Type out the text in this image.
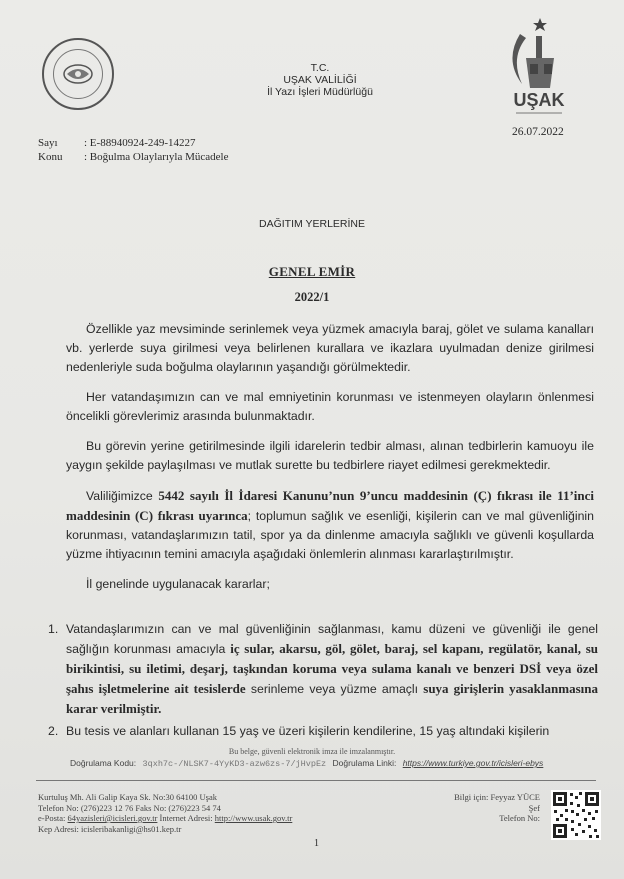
UŞAK
T.C.
UŞAK VALİLİĞİ
İl Yazı İşleri Müdürlüğü
26.07.2022
Sayı	: E-88940924-249-14227
Konu	: Boğulma Olaylarıyla Mücadele
DAĞITIM YERLERİNE
GENEL EMİR
2022/1

Özellikle yaz mevsiminde serinlemek veya yüzmek amacıyla baraj, gölet ve sulama kanalları vb. yerlerde suya girilmesi veya belirlenen kurallara ve ikazlara uyulmadan denize girilmesi nedenleriyle suda boğulma olaylarının yaşandığı görülmektedir.

Her vatandaşımızın can ve mal emniyetinin korunması ve istenmeyen olayların önlenmesi öncelikli görevlerimiz arasında bulunmaktadır.

Bu görevin yerine getirilmesinde ilgili idarelerin tedbir alması, alınan tedbirlerin kamuoyu ile yaygın şekilde paylaşılması ve mutlak surette bu tedbirlere riayet edilmesi gerekmektedir.

Valiliğimizce 5442 sayılı İl İdaresi Kanunu’nun 9’uncu maddesinin (Ç) fıkrası ile 11’inci maddesinin (C) fıkrası uyarınca; toplumun sağlık ve esenliği, kişilerin can ve mal güvenliğinin korunması, vatandaşlarımızın tatil, spor ya da dinlenme amacıyla sağlıklı ve güvenli koşullarda yüzme ihtiyacının temini amacıyla aşağıdaki önlemlerin alınması kararlaştırılmıştır.

İl genelinde uygulanacak kararlar;

1. Vatandaşlarımızın can ve mal güvenliğinin sağlanması, kamu düzeni ve güvenliği ile genel sağlığın korunması amacıyla iç sular, akarsu, göl, gölet, baraj, sel kapanı, regülatör, kanal, su birikintisi, su iletimi, deşarj, taşkından koruma veya sulama kanalı ve benzeri DSİ veya özel şahıs işletmelerine ait tesislerde serinleme veya yüzme amaçlı suya girişlerin yasaklanmasına karar verilmiştir.
2. Bu tesis ve alanları kullanan 15 yaş ve üzeri kişilerin kendilerine, 15 yaş altındaki kişilerin
Bu belge, güvenli elektronik imza ile imzalanmıştır.
Doğrulama Kodu: 3qxh7c-/NLSK7-4YyKD3-azw6zs-7/jHvpEz Doğrulama Linki: https://www.turkiye.gov.tr/icisleri-ebys
Kurtuluş Mh. Ali Galip Kaya Sk. No:30 64100 Uşak
Telefon No: (276)223 12 76 Faks No: (276)223 54 74
e-Posta: 64yazisleri@icisleri.gov.tr İnternet Adresi: http://www.usak.gov.tr
Kep Adresi: icisleribakanligi@hs01.kep.tr
Bilgi için: Feyyaz YÜCE
Şef
Telefon No:
1
